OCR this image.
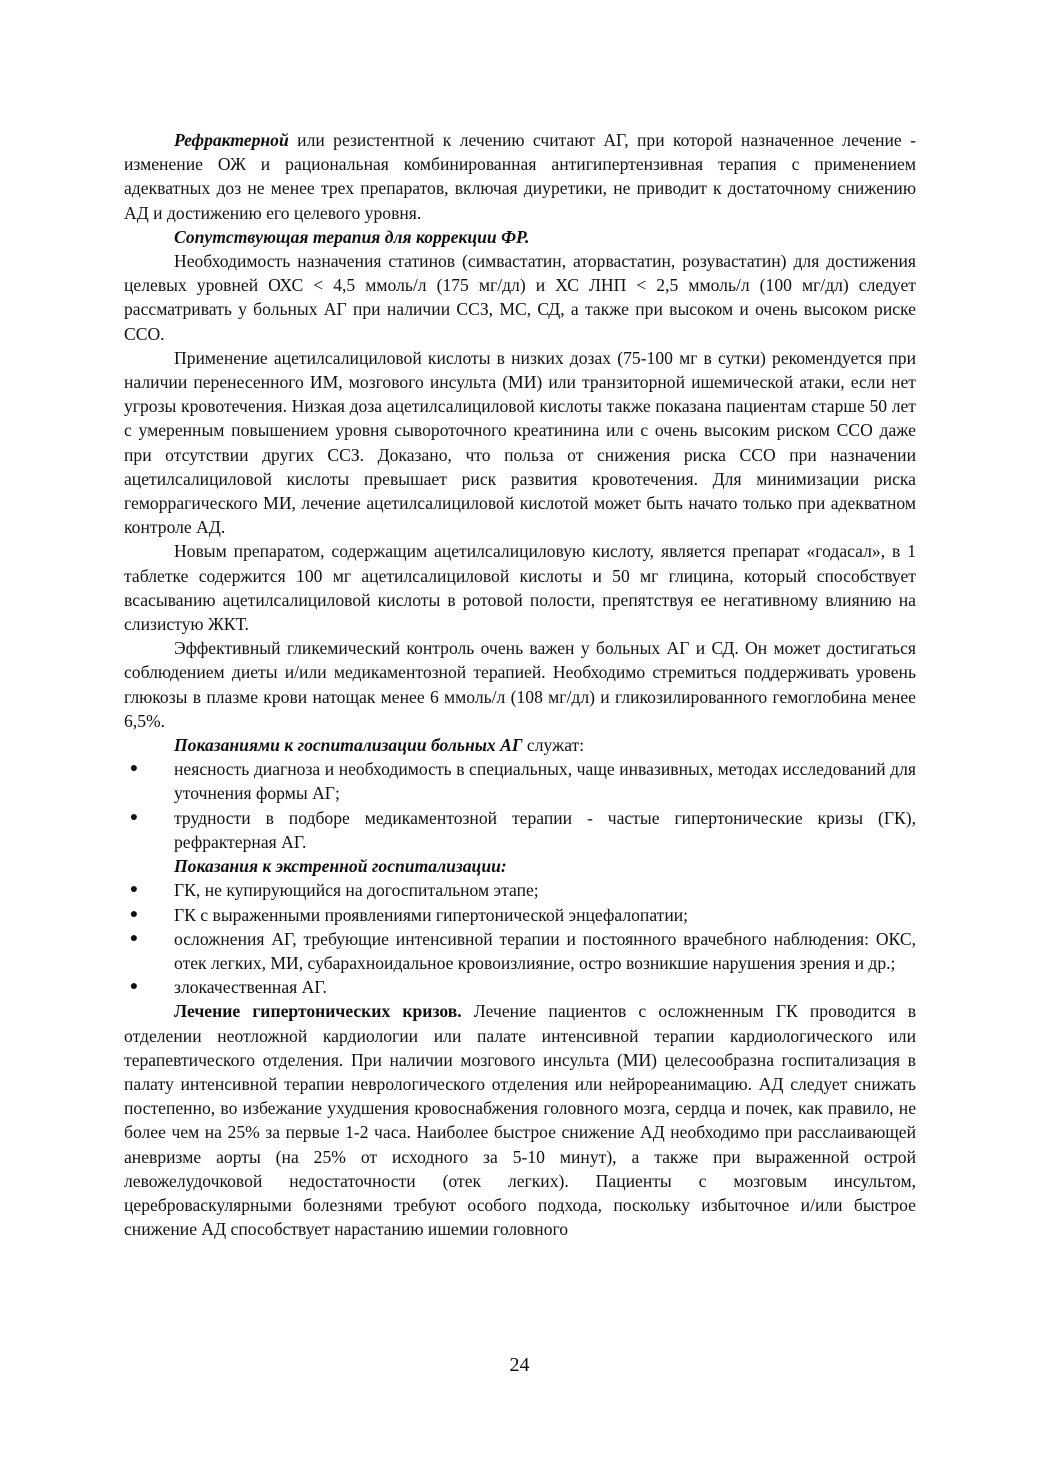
Рефрактерной или резистентной к лечению считают АГ, при которой назначенное лечение - изменение ОЖ и рациональная комбинированная антигипертензивная терапия с применением адекватных доз не менее трех препаратов, включая диуретики, не приводит к достаточному снижению АД и достижению его целевого уровня.

Сопутствующая терапия для коррекции ФР.

Необходимость назначения статинов (симвастатин, аторвастатин, розувастатин) для достижения целевых уровней ОХС < 4,5 ммоль/л (175 мг/дл) и ХС ЛНП < 2,5 ммоль/л (100 мг/дл) следует рассматривать у больных АГ при наличии ССЗ, МС, СД, а также при высоком и очень высоком риске ССО.

Применение ацетилсалициловой кислоты в низких дозах (75-100 мг в сутки) рекомендуется при наличии перенесенного ИМ, мозгового инсульта (МИ) или транзиторной ишемической атаки, если нет угрозы кровотечения. Низкая доза ацетилсалициловой кислоты также показана пациентам старше 50 лет с умеренным повышением уровня сывороточного креатинина или с очень высоким риском ССО даже при отсутствии других ССЗ. Доказано, что польза от снижения риска ССО при назначении ацетилсалициловой кислоты превышает риск развития кровотечения. Для минимизации риска геморрагического МИ, лечение ацетилсалициловой кислотой может быть начато только при адекватном контроле АД.

Новым препаратом, содержащим ацетилсалициловую кислоту, является препарат «годасал», в 1 таблетке содержится 100 мг ацетилсалициловой кислоты и 50 мг глицина, который способствует всасыванию ацетилсалициловой кислоты в ротовой полости, препятствуя ее негативному влиянию на слизистую ЖКТ.

Эффективный гликемический контроль очень важен у больных АГ и СД. Он может достигаться соблюдением диеты и/или медикаментозной терапией. Необходимо стремиться поддерживать уровень глюкозы в плазме крови натощак менее 6 ммоль/л (108 мг/дл) и гликозилированного гемоглобина менее 6,5%.

Показаниями к госпитализации больных АГ служат:

●	неясность диагноза и необходимость в специальных, чаще инвазивных, методах исследований для уточнения формы АГ;
●	трудности в подборе медикаментозной терапии - частые гипертонические кризы (ГК), рефрактерная АГ.

Показания к экстренной госпитализации:

●	ГК, не купирующийся на догоспитальном этапе;
●	ГК с выраженными проявлениями гипертонической энцефалопатии;
●	осложнения АГ, требующие интенсивной терапии и постоянного врачебного наблюдения: ОКС, отек легких, МИ, субарахноидальное кровоизлияние, остро возникшие нарушения зрения и др.;
●	злокачественная АГ.

Лечение гипертонических кризов. Лечение пациентов с осложненным ГК проводится в отделении неотложной кардиологии или палате интенсивной терапии кардиологического или терапевтического отделения. При наличии мозгового инсульта (МИ) целесообразна госпитализация в палату интенсивной терапии неврологического отделения или нейрореанимацию. АД следует снижать постепенно, во избежание ухудшения кровоснабжения головного мозга, сердца и почек, как правило, не более чем на 25% за первые 1-2 часа. Наиболее быстрое снижение АД необходимо при расслаивающей аневризме аорты (на 25% от исходного за 5-10 минут), а также при выраженной острой левожелудочковой недостаточности (отек легких). Пациенты с мозговым инсультом, цереброваскулярными болезнями требуют особого подхода, поскольку избыточное и/или быстрое снижение АД способствует нарастанию ишемии головного

24
